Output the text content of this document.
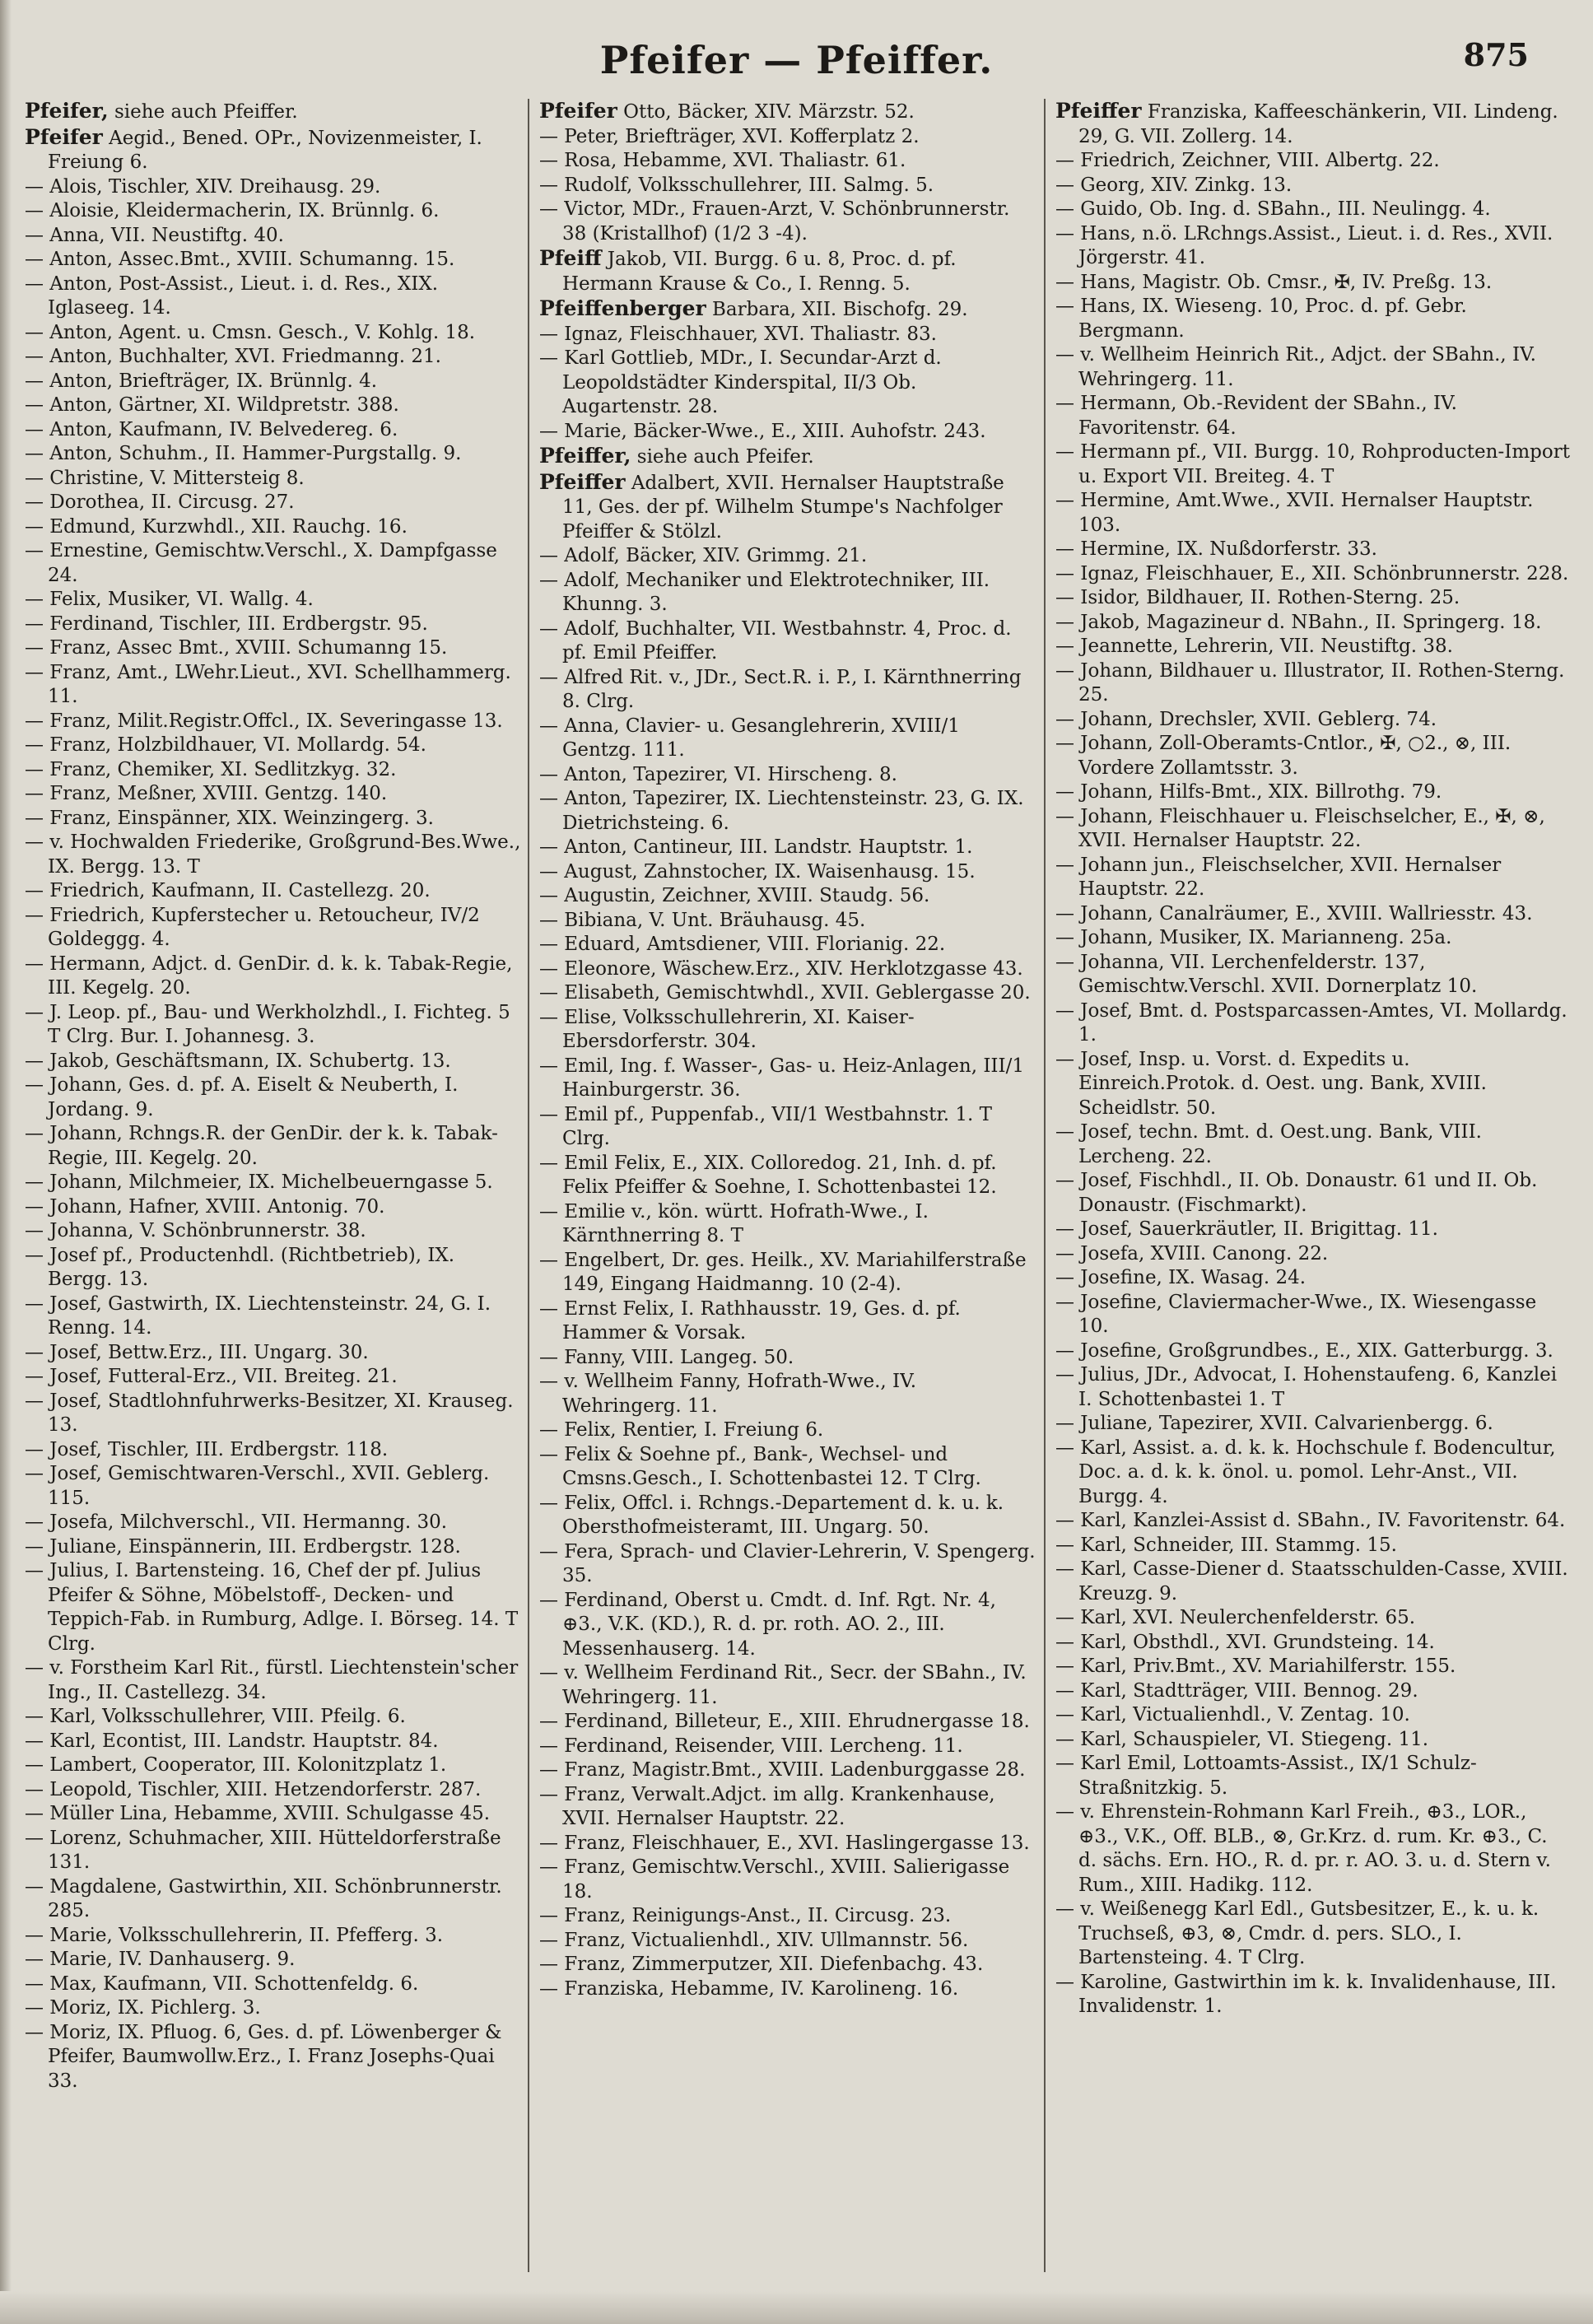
Pfeifer — Pfeiffer.	875
Pfeifer, siehe auch Pfeiffer.
Pfeifer Aegid., Bened. OPr., Novizenmeister, I. Freiung 6.
— Alois, Tischler, XIV. Dreihausg. 29.
— Aloisie, Kleidermacherin, IX. Brünnlg. 6.
— Anna, VII. Neustiftg. 40.
— Anton, Assec.Bmt., XVIII. Schumanng. 15.
— Anton, Post-Assist., Lieut. i. d. Res., XIX. Iglaseeg. 14.
— Anton, Agent. u. Cmsn. Gesch., V. Kohlg. 18.
— Anton, Buchhalter, XVI. Friedmanng. 21.
— Anton, Briefträger, IX. Brünnlg. 4.
— Anton, Gärtner, XI. Wildpretstr. 388.
— Anton, Kaufmann, IV. Belvedereg. 6.
— Anton, Schuhm., II. Hammer-Purgstallg. 9.
— Christine, V. Mittersteig 8.
— Dorothea, II. Circusg. 27.
— Edmund, Kurzwhdl., XII. Rauchg. 16.
— Ernestine, Gemischtw.Verschl., X. Dampfgasse 24.
— Felix, Musiker, VI. Wallg. 4.
— Ferdinand, Tischler, III. Erdbergstr. 95.
— Franz, Assec Bmt., XVIII. Schumanng 15.
— Franz, Amt., LWehr.Lieut., XVI. Schellhammerg. 11.
— Franz, Milit.Registr.Offcl., IX. Severingasse 13.
— Franz, Holzbildhauer, VI. Mollardg. 54.
— Franz, Chemiker, XI. Sedlitzkyg. 32.
— Franz, Meßner, XVIII. Gentzg. 140.
— Franz, Einspänner, XIX. Weinzingerg. 3.
— v. Hochwalden Friederike, Großgrund-Bes.Wwe., IX. Bergg. 13. T
— Friedrich, Kaufmann, II. Castellezg. 20.
— Friedrich, Kupferstecher u. Retoucheur, IV/2 Goldeggg. 4.
— Hermann, Adjct. d. GenDir. d. k. k. Tabak-Regie, III. Kegelg. 20.
— J. Leop. pf., Bau- und Werkholzhdl., I. Fichteg. 5 T Clrg. Bur. I. Johannesg. 3.
— Jakob, Geschäftsmann, IX. Schubertg. 13.
— Johann, Ges. d. pf. A. Eiselt & Neuberth, I. Jordang. 9.
— Johann, Rchngs.R. der GenDir. der k. k. Tabak-Regie, III. Kegelg. 20.
— Johann, Milchmeier, IX. Michelbeuerngasse 5.
— Johann, Hafner, XVIII. Antonig. 70.
— Johanna, V. Schönbrunnerstr. 38.
— Josef pf., Productenhdl. (Richtbetrieb), IX. Bergg. 13.
— Josef, Gastwirth, IX. Liechtensteinstr. 24, G. I. Renng. 14.
— Josef, Bettw.Erz., III. Ungarg. 30.
— Josef, Futteral-Erz., VII. Breiteg. 21.
— Josef, Stadtlohnfuhrwerks-Besitzer, XI. Krauseg. 13.
— Josef, Tischler, III. Erdbergstr. 118.
— Josef, Gemischtwaren-Verschl., XVII. Geblerg. 115.
— Josefa, Milchverschl., VII. Hermanng. 30.
— Juliane, Einspännerin, III. Erdbergstr. 128.
— Julius, I. Bartensteing. 16, Chef der pf. Julius Pfeifer & Söhne, Möbelstoff-, Decken- und Teppich-Fab. in Rumburg, Adlge. I. Börseg. 14. T Clrg.
— v. Forstheim Karl Rit., fürstl. Liechtenstein'scher Ing., II. Castellezg. 34.
— Karl, Volksschullehrer, VIII. Pfeilg. 6.
— Karl, Econtist, III. Landstr. Hauptstr. 84.
— Lambert, Cooperator, III. Kolonitzplatz 1.
— Leopold, Tischler, XIII. Hetzendorferstr. 287.
— Müller Lina, Hebamme, XVIII. Schulgasse 45.
— Lorenz, Schuhmacher, XIII. Hütteldorferstraße 131.
— Magdalene, Gastwirthin, XII. Schönbrunnerstr. 285.
— Marie, Volksschullehrerin, II. Pfefferg. 3.
— Marie, IV. Danhauserg. 9.
— Max, Kaufmann, VII. Schottenfeldg. 6.
— Moriz, IX. Pichlerg. 3.
— Moriz, IX. Pfluog. 6, Ges. d. pf. Löwenberger & Pfeifer, Baumwollw.Erz., I. Franz Josephs-Quai 33.
Pfeifer Otto, Bäcker, XIV. Märzstr. 52.
— Peter, Briefträger, XVI. Kofferplatz 2.
— Rosa, Hebamme, XVI. Thaliastr. 61.
— Rudolf, Volksschullehrer, III. Salmg. 5.
— Victor, MDr., Frauen-Arzt, V. Schönbrunnerstr. 38 (Kristallhof) (1/2 3 -4).
Pfeiff Jakob, VII. Burgg. 6 u. 8, Proc. d. pf. Hermann Krause & Co., I. Renng. 5.
Pfeiffenberger Barbara, XII. Bischofg. 29.
— Ignaz, Fleischhauer, XVI. Thaliastr. 83.
— Karl Gottlieb, MDr., I. Secundar-Arzt d. Leopoldstädter Kinderspital, II/3 Ob. Augartenstr. 28.
— Marie, Bäcker-Wwe., E., XIII. Auhofstr. 243.
Pfeiffer, siehe auch Pfeifer.
Pfeiffer Adalbert, XVII. Hernalser Hauptstraße 11, Ges. der pf. Wilhelm Stumpe's Nachfolger Pfeiffer & Stölzl.
— Adolf, Bäcker, XIV. Grimmg. 21.
— Adolf, Mechaniker und Elektrotechniker, III. Khunng. 3.
— Adolf, Buchhalter, VII. Westbahnstr. 4, Proc. d. pf. Emil Pfeiffer.
— Alfred Rit. v., JDr., Sect.R. i. P., I. Kärnthnerring 8. Clrg.
— Anna, Clavier- u. Gesanglehrerin, XVIII/1 Gentzg. 111.
— Anton, Tapezirer, VI. Hirscheng. 8.
— Anton, Tapezirer, IX. Liechtensteinstr. 23, G. IX. Dietrichsteing. 6.
— Anton, Cantineur, III. Landstr. Hauptstr. 1.
— August, Zahnstocher, IX. Waisenhausg. 15.
— Augustin, Zeichner, XVIII. Staudg. 56.
— Bibiana, V. Unt. Bräuhausg. 45.
— Eduard, Amtsdiener, VIII. Florianig. 22.
— Eleonore, Wäschew.Erz., XIV. Herklotzgasse 43.
— Elisabeth, Gemischtwhdl., XVII. Geblergasse 20.
— Elise, Volksschullehrerin, XI. Kaiser-Ebersdorferstr. 304.
— Emil, Ing. f. Wasser-, Gas- u. Heiz-Anlagen, III/1 Hainburgerstr. 36.
— Emil pf., Puppenfab., VII/1 Westbahnstr. 1. T Clrg.
— Emil Felix, E., XIX. Colloredog. 21, Inh. d. pf. Felix Pfeiffer & Soehne, I. Schottenbastei 12.
— Emilie v., kön. württ. Hofrath-Wwe., I. Kärnthnerring 8. T
— Engelbert, Dr. ges. Heilk., XV. Mariahilferstraße 149, Eingang Haidmanng. 10 (2-4).
— Ernst Felix, I. Rathhausstr. 19, Ges. d. pf. Hammer & Vorsak.
— Fanny, VIII. Langeg. 50.
— v. Wellheim Fanny, Hofrath-Wwe., IV. Wehringerg. 11.
— Felix, Rentier, I. Freiung 6.
— Felix & Soehne pf., Bank-, Wechsel- und Cmsns.Gesch., I. Schottenbastei 12. T Clrg.
— Felix, Offcl. i. Rchngs.-Departement d. k. u. k. Obersthofmeisteramt, III. Ungarg. 50.
— Fera, Sprach- und Clavier-Lehrerin, V. Spengerg. 35.
— Ferdinand, Oberst u. Cmdt. d. Inf. Rgt. Nr. 4, ⊕3., V.K. (KD.), R. d. pr. roth. AO. 2., III. Messenhauserg. 14.
— v. Wellheim Ferdinand Rit., Secr. der SBahn., IV. Wehringerg. 11.
— Ferdinand, Billeteur, E., XIII. Ehrudnergasse 18.
— Ferdinand, Reisender, VIII. Lercheng. 11.
— Franz, Magistr.Bmt., XVIII. Ladenburggasse 28.
— Franz, Verwalt.Adjct. im allg. Krankenhause, XVII. Hernalser Hauptstr. 22.
— Franz, Fleischhauer, E., XVI. Haslingergasse 13.
— Franz, Gemischtw.Verschl., XVIII. Salierigasse 18.
— Franz, Reinigungs-Anst., II. Circusg. 23.
— Franz, Victualienhdl., XIV. Ullmannstr. 56.
— Franz, Zimmerputzer, XII. Diefenbachg. 43.
— Franziska, Hebamme, IV. Karolineng. 16.
Pfeiffer Franziska, Kaffeeschänkerin, VII. Lindeng. 29, G. VII. Zollerg. 14.
— Friedrich, Zeichner, VIII. Albertg. 22.
— Georg, XIV. Zinkg. 13.
— Guido, Ob. Ing. d. SBahn., III. Neulingg. 4.
— Hans, n.ö. LRchngs.Assist., Lieut. i. d. Res., XVII. Jörgerstr. 41.
— Hans, Magistr. Ob. Cmsr., ✠, IV. Preßg. 13.
— Hans, IX. Wieseng. 10, Proc. d. pf. Gebr. Bergmann.
— v. Wellheim Heinrich Rit., Adjct. der SBahn., IV. Wehringerg. 11.
— Hermann, Ob.-Revident der SBahn., IV. Favoritenstr. 64.
— Hermann pf., VII. Burgg. 10, Rohproducten-Import u. Export VII. Breiteg. 4. T
— Hermine, Amt.Wwe., XVII. Hernalser Hauptstr. 103.
— Hermine, IX. Nußdorferstr. 33.
— Ignaz, Fleischhauer, E., XII. Schönbrunnerstr. 228.
— Isidor, Bildhauer, II. Rothen-Sterng. 25.
— Jakob, Magazineur d. NBahn., II. Springerg. 18.
— Jeannette, Lehrerin, VII. Neustiftg. 38.
— Johann, Bildhauer u. Illustrator, II. Rothen-Sterng. 25.
— Johann, Drechsler, XVII. Geblerg. 74.
— Johann, Zoll-Oberamts-Cntlor., ✠, ○2., ⊗, III. Vordere Zollamtsstr. 3.
— Johann, Hilfs-Bmt., XIX. Billrothg. 79.
— Johann, Fleischhauer u. Fleischselcher, E., ✠, ⊗, XVII. Hernalser Hauptstr. 22.
— Johann jun., Fleischselcher, XVII. Hernalser Hauptstr. 22.
— Johann, Canalräumer, E., XVIII. Wallriesstr. 43.
— Johann, Musiker, IX. Marianneng. 25a.
— Johanna, VII. Lerchenfelderstr. 137, Gemischtw.Verschl. XVII. Dornerplatz 10.
— Josef, Bmt. d. Postsparcassen-Amtes, VI. Mollardg. 1.
— Josef, Insp. u. Vorst. d. Expedits u. Einreich.Protok. d. Oest. ung. Bank, XVIII. Scheidlstr. 50.
— Josef, techn. Bmt. d. Oest.ung. Bank, VIII. Lercheng. 22.
— Josef, Fischhdl., II. Ob. Donaustr. 61 und II. Ob. Donaustr. (Fischmarkt).
— Josef, Sauerkräutler, II. Brigittag. 11.
— Josefa, XVIII. Canong. 22.
— Josefine, IX. Wasag. 24.
— Josefine, Claviermacher-Wwe., IX. Wiesengasse 10.
— Josefine, Großgrundbes., E., XIX. Gatterburgg. 3.
— Julius, JDr., Advocat, I. Hohenstaufeng. 6, Kanzlei I. Schottenbastei 1. T
— Juliane, Tapezirer, XVII. Calvarienbergg. 6.
— Karl, Assist. a. d. k. k. Hochschule f. Bodencultur, Doc. a. d. k. k. önol. u. pomol. Lehr-Anst., VII. Burgg. 4.
— Karl, Kanzlei-Assist d. SBahn., IV. Favoritenstr. 64.
— Karl, Schneider, III. Stammg. 15.
— Karl, Casse-Diener d. Staatsschulden-Casse, XVIII. Kreuzg. 9.
— Karl, XVI. Neulerchenfelderstr. 65.
— Karl, Obsthdl., XVI. Grundsteing. 14.
— Karl, Priv.Bmt., XV. Mariahilferstr. 155.
— Karl, Stadtträger, VIII. Bennog. 29.
— Karl, Victualienhdl., V. Zentag. 10.
— Karl, Schauspieler, VI. Stiegeng. 11.
— Karl Emil, Lottoamts-Assist., IX/1 Schulz-Straßnitzkig. 5.
— v. Ehrenstein-Rohmann Karl Freih., ⊕3., LOR., ⊕3., V.K., Off. BLB., ⊗, Gr.Krz. d. rum. Kr. ⊕3., C. d. sächs. Ern. HO., R. d. pr. r. AO. 3. u. d. Stern v. Rum., XIII. Hadikg. 112.
— v. Weißenegg Karl Edl., Gutsbesitzer, E., k. u. k. Truchseß, ⊕3, ⊗, Cmdr. d. pers. SLO., I. Bartensteing. 4. T Clrg.
— Karoline, Gastwirthin im k. k. Invalidenhause, III. Invalidenstr. 1.
